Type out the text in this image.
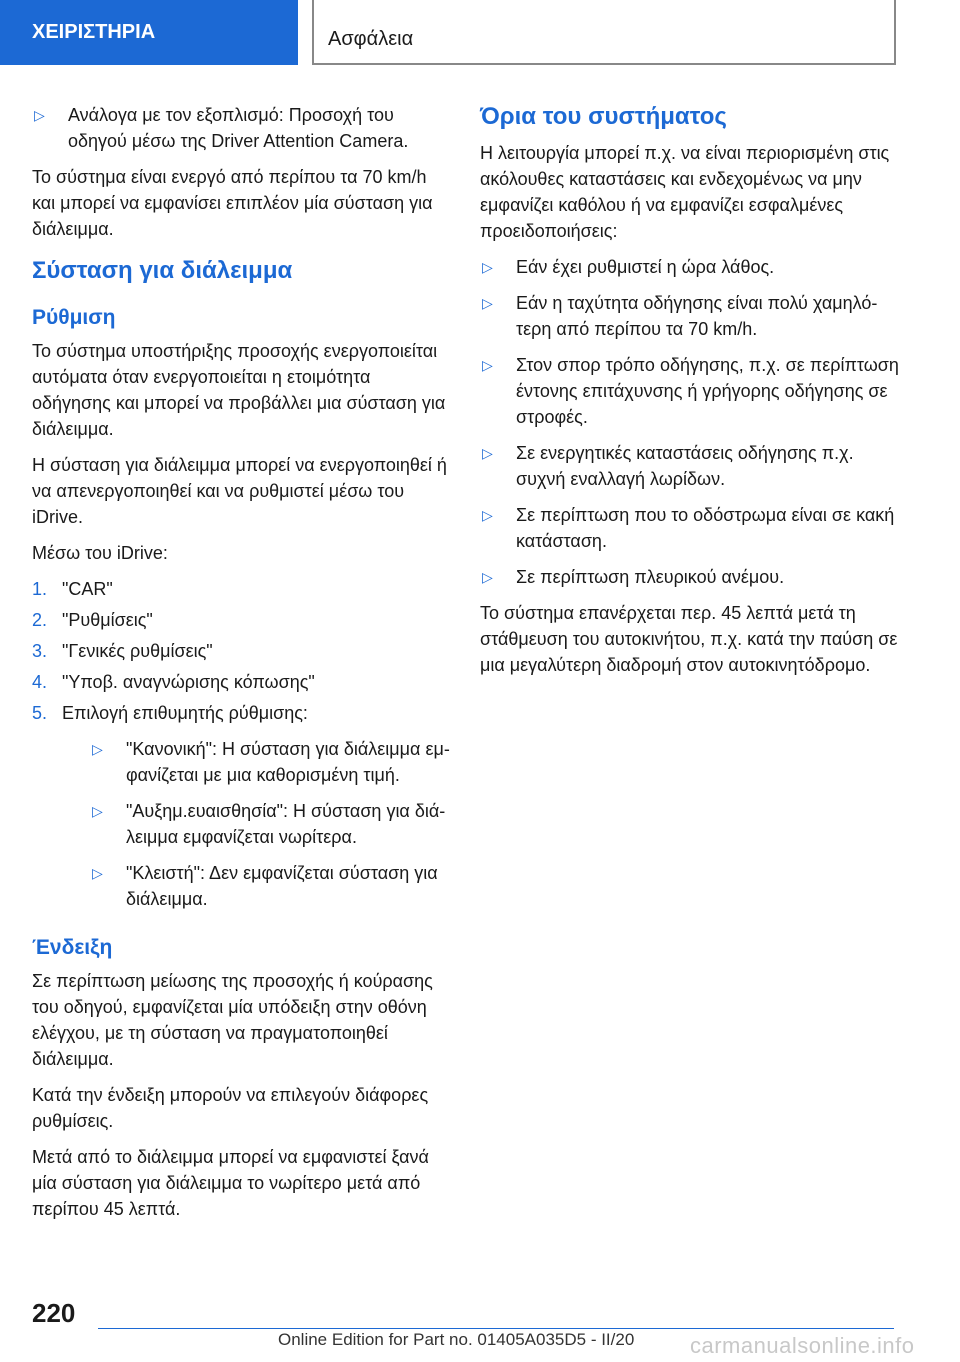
ΧΕΙΡΙΣΤΗΡΙΑ	Ασφάλεια
▷	Ανάλογα με τον εξοπλισμό: Προσοχή του οδηγού μέσω της Driver Attention Camera.

Το σύστημα είναι ενεργό από περίπου τα 70 km/h και μπορεί να εμφανίσει επιπλέον μία σύσταση για διάλειμμα.

Σύσταση για διάλειμμα
Ρύθμιση

Το σύστημα υποστήριξης προσοχής ενεργοποιείται αυτόματα όταν ενεργοποιείται η ετοιμότητα οδήγησης και μπορεί να προβάλλει μια σύσταση για διάλειμμα.

Η σύσταση για διάλειμμα μπορεί να ενεργοποιηθεί ή να απενεργοποιηθεί και να ρυθμιστεί μέσω του iDrive.

Μέσω του iDrive:

1. "CAR"
2. "Ρυθμίσεις"
3. "Γενικές ρυθμίσεις"
4. "Υποβ. αναγνώρισης κόπωσης"
5. Επιλογή επιθυμητής ρύθμισης:
▷	"Κανονική": Η σύσταση για διάλειμμα εμφανίζεται με μια καθορισμένη τιμή.
▷	"Αυξημ.ευαισθησία": Η σύσταση για διάλειμμα εμφανίζεται νωρίτερα.
▷	"Κλειστή": Δεν εμφανίζεται σύσταση για διάλειμμα.
Ένδειξη

Σε περίπτωση μείωσης της προσοχής ή κούρασης του οδηγού, εμφανίζεται μία υπόδειξη στην οθόνη ελέγχου, με τη σύσταση να πραγματοποιηθεί διάλειμμα.

Κατά την ένδειξη μπορούν να επιλεγούν διάφορες ρυθμίσεις.

Μετά από το διάλειμμα μπορεί να εμφανιστεί ξανά μία σύσταση για διάλειμμα το νωρίτερο μετά από περίπου 45 λεπτά.

Όρια του συστήματος

Η λειτουργία μπορεί π.χ. να είναι περιορισμένη στις ακόλουθες καταστάσεις και ενδεχομένως να μην εμφανίζει καθόλου ή να εμφανίζει εσφαλμένες προειδοποιήσεις:

▷	Εάν έχει ρυθμιστεί η ώρα λάθος.
▷	Εάν η ταχύτητα οδήγησης είναι πολύ χαμηλότερη από περίπου τα 70 km/h.
▷	Στον σπορ τρόπο οδήγησης, π.χ. σε περίπτωση έντονης επιτάχυνσης ή γρήγορης οδήγησης σε στροφές.
▷	Σε ενεργητικές καταστάσεις οδήγησης π.χ. συχνή εναλλαγή λωρίδων.
▷	Σε περίπτωση που το οδόστρωμα είναι σε κακή κατάσταση.
▷	Σε περίπτωση πλευρικού ανέμου.

Το σύστημα επανέρχεται περ. 45 λεπτά μετά τη στάθμευση του αυτοκινήτου, π.χ. κατά την παύση σε μια μεγαλύτερη διαδρομή στον αυτοκινητόδρομο.

220
Online Edition for Part no. 01405A035D5 - II/20	carmanualsonline.info
